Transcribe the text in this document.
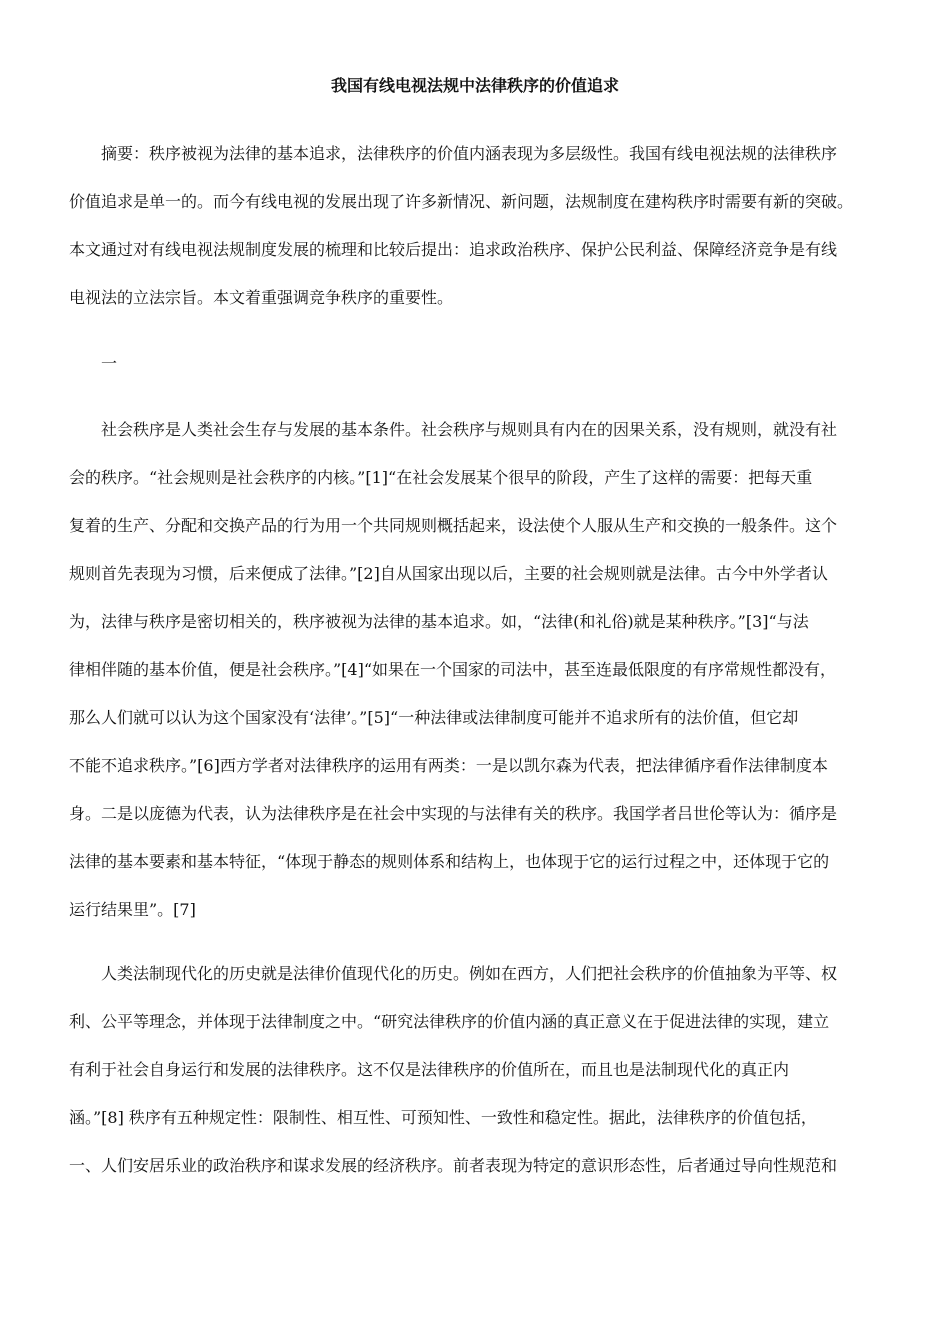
我国有线电视法规中法律秩序的价值追求
摘要：秩序被视为法律的基本追求，法律秩序的价值内涵表现为多层级性。我国有线电视法规的法律秩序
价值追求是单一的。而今有线电视的发展出现了许多新情况、新问题，法规制度在建构秩序时需要有新的突破。
本文通过对有线电视法规制度发展的梳理和比较后提出：追求政治秩序、保护公民利益、保障经济竞争是有线
电视法的立法宗旨。本文着重强调竞争秩序的重要性。
一
社会秩序是人类社会生存与发展的基本条件。社会秩序与规则具有内在的因果关系，没有规则，就没有社
会的秩序。“社会规则是社会秩序的内核。”[1]“在社会发展某个很早的阶段，产生了这样的需要：把每天重
复着的生产、分配和交换产品的行为用一个共同规则概括起来，设法使个人服从生产和交换的一般条件。这个
规则首先表现为习惯，后来便成了法律。”[2]自从国家出现以后，主要的社会规则就是法律。古今中外学者认
为，法律与秩序是密切相关的，秩序被视为法律的基本追求。如，“法律(和礼俗)就是某种秩序。”[3]“与法
律相伴随的基本价值，便是社会秩序。”[4]“如果在一个国家的司法中，甚至连最低限度的有序常规性都没有，
那么人们就可以认为这个国家没有‘法律’。”[5]“一种法律或法律制度可能并不追求所有的法价值，但它却
不能不追求秩序。”[6]西方学者对法律秩序的运用有两类：一是以凯尔森为代表，把法律循序看作法律制度本
身。二是以庞德为代表，认为法律秩序是在社会中实现的与法律有关的秩序。我国学者吕世伦等认为：循序是
法律的基本要素和基本特征，“体现于静态的规则体系和结构上，也体现于它的运行过程之中，还体现于它的
运行结果里”。[7]
人类法制现代化的历史就是法律价值现代化的历史。例如在西方，人们把社会秩序的价值抽象为平等、权
利、公平等理念，并体现于法律制度之中。“研究法律秩序的价值内涵的真正意义在于促进法律的实现，建立
有利于社会自身运行和发展的法律秩序。这不仅是法律秩序的价值所在，而且也是法制现代化的真正内
涵。”[8] 秩序有五种规定性：限制性、相互性、可预知性、一致性和稳定性。据此，法律秩序的价值包括，
一、人们安居乐业的政治秩序和谋求发展的经济秩序。前者表现为特定的意识形态性，后者通过导向性规范和
